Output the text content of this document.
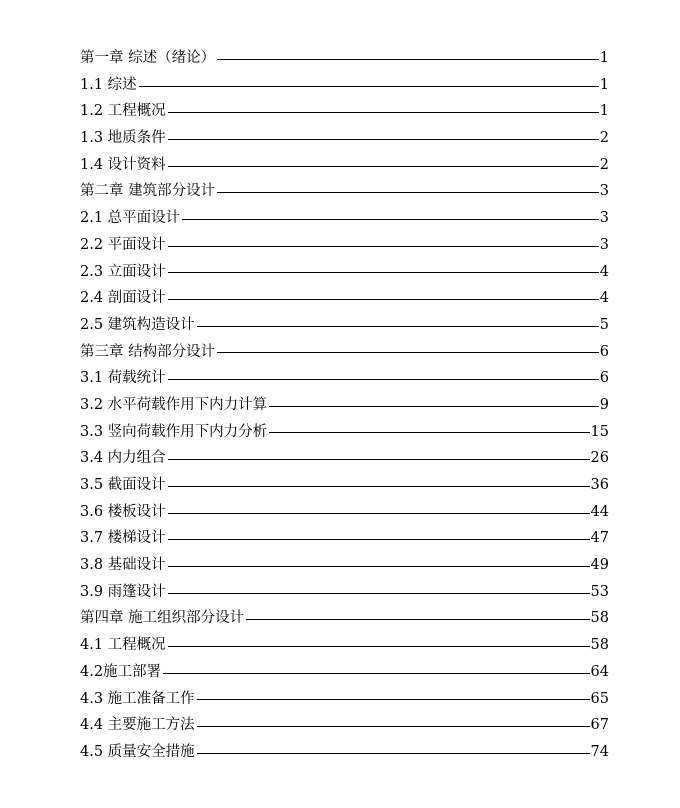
第一章 综述（绪论）	1
1.1 综述	1
1.2 工程概况	1
1.3 地质条件	2
1.4 设计资料	2
第二章 建筑部分设计	3
2.1 总平面设计	3
2.2 平面设计	3
2.3 立面设计	4
2.4 剖面设计	4
2.5 建筑构造设计	5
第三章 结构部分设计	6
3.1 荷载统计	6
3.2 水平荷载作用下内力计算	9
3.3 竖向荷载作用下内力分析	15
3.4 内力组合	26
3.5 截面设计	36
3.6 楼板设计	44
3.7 楼梯设计	47
3.8 基础设计	49
3.9 雨篷设计	53
第四章 施工组织部分设计	58
4.1 工程概况	58
4.2施工部署	64
4.3 施工准备工作	65
4.4 主要施工方法	67
4.5 质量安全措施	74
